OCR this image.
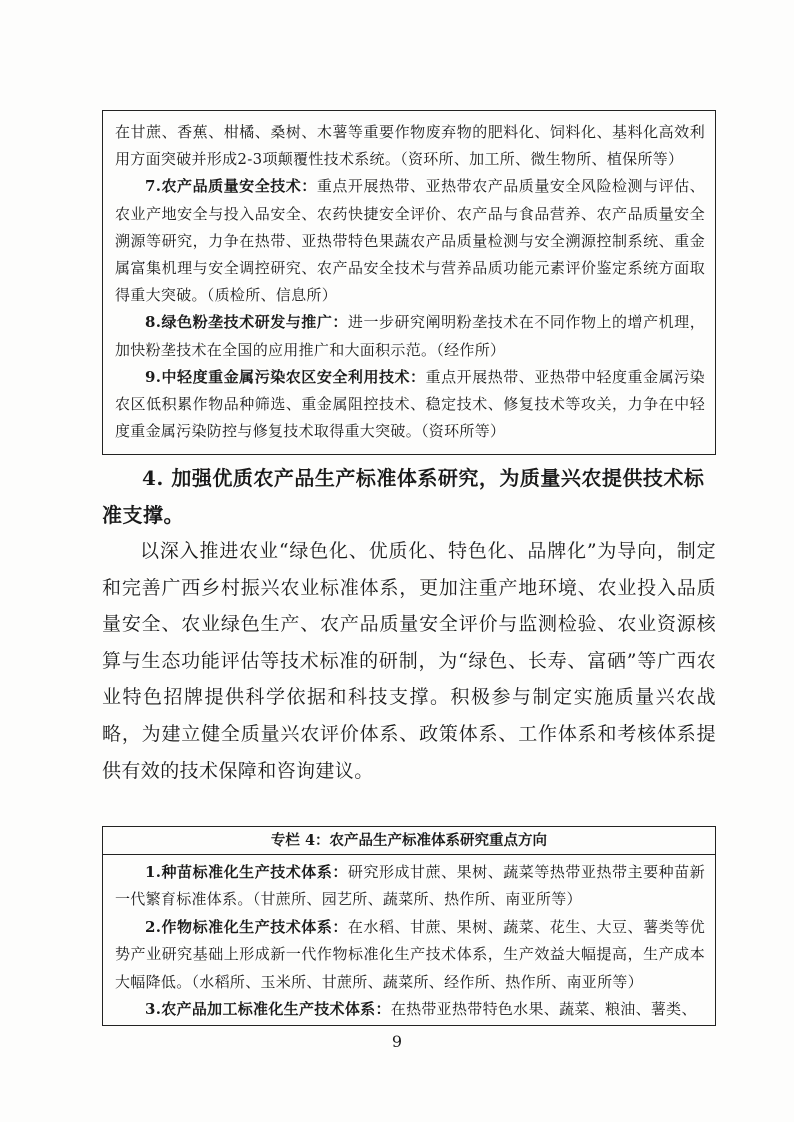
在甘蔗、香蕉、柑橘、桑树、木薯等重要作物废弃物的肥料化、饲料化、基料化高效利用方面突破并形成2-3项颠覆性技术系统。（资环所、加工所、微生物所、植保所等）

7.农产品质量安全技术：重点开展热带、亚热带农产品质量安全风险检测与评估、农业产地安全与投入品安全、农药快捷安全评价、农产品与食品营养、农产品质量安全溯源等研究，力争在热带、亚热带特色果蔬农产品质量检测与安全溯源控制系统、重金属富集机理与安全调控研究、农产品安全技术与营养品质功能元素评价鉴定系统方面取得重大突破。（质检所、信息所）

8.绿色粉垄技术研发与推广：进一步研究阐明粉垄技术在不同作物上的增产机理，加快粉垄技术在全国的应用推广和大面积示范。（经作所）

9.中轻度重金属污染农区安全利用技术：重点开展热带、亚热带中轻度重金属污染农区低积累作物品种筛选、重金属阻控技术、稳定技术、修复技术等攻关，力争在中轻度重金属污染防控与修复技术取得重大突破。（资环所等）

4. 加强优质农产品生产标准体系研究，为质量兴农提供技术标准支撑。

以深入推进农业“绿色化、优质化、特色化、品牌化”为导向，制定和完善广西乡村振兴农业标准体系，更加注重产地环境、农业投入品质量安全、农业绿色生产、农产品质量安全评价与监测检验、农业资源核算与生态功能评估等技术标准的研制，为“绿色、长寿、富硒”等广西农业特色招牌提供科学依据和科技支撑。积极参与制定实施质量兴农战略，为建立健全质量兴农评价体系、政策体系、工作体系和考核体系提供有效的技术保障和咨询建议。

专栏 4：农产品生产标准体系研究重点方向

1.种苗标准化生产技术体系：研究形成甘蔗、果树、蔬菜等热带亚热带主要种苗新一代繁育标准体系。（甘蔗所、园艺所、蔬菜所、热作所、南亚所等）

2.作物标准化生产技术体系：在水稻、甘蔗、果树、蔬菜、花生、大豆、薯类等优势产业研究基础上形成新一代作物标准化生产技术体系，生产效益大幅提高，生产成本大幅降低。（水稻所、玉米所、甘蔗所、蔬菜所、经作所、热作所、南亚所等）

3.农产品加工标准化生产技术体系：在热带亚热带特色水果、蔬菜、粮油、薯类、

9
